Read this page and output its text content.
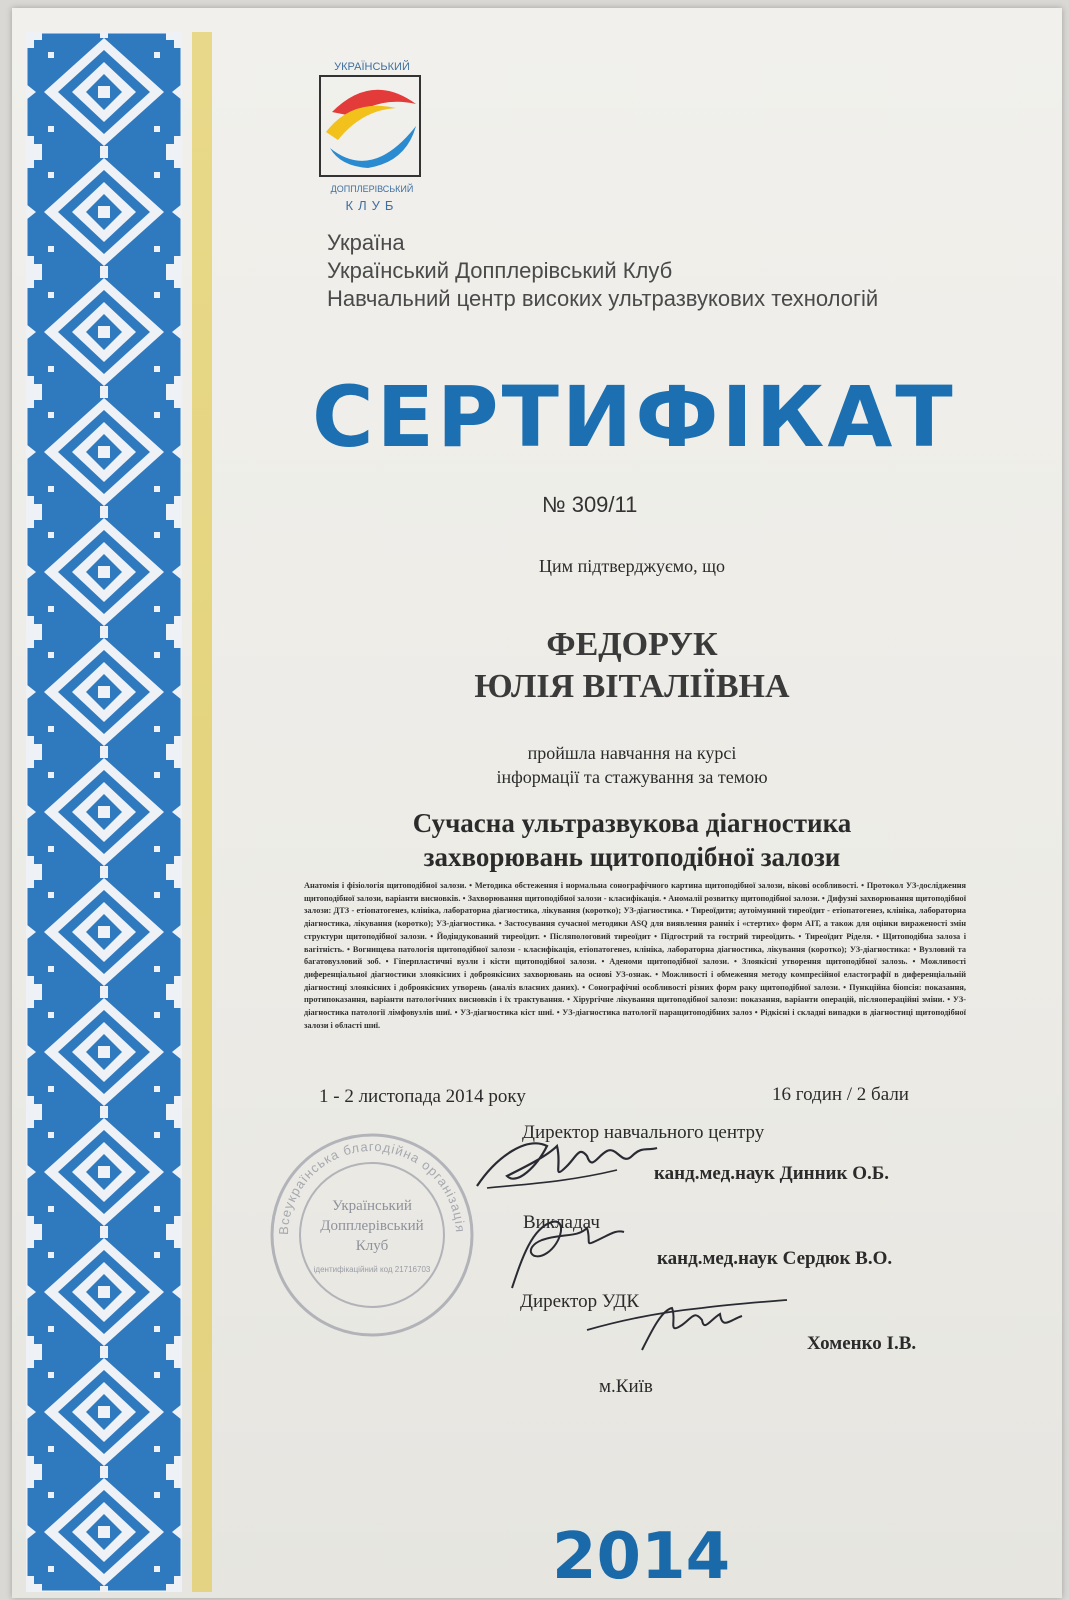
УКРАЇНСЬКИЙ
ДОППЛЕРІВСЬКИЙ
КЛУБ
Україна
Український Допплерівський Клуб
Навчальний центр високих ультразвукових технологій
СЕРТИФІКАТ
№ 309/11
Цим підтверджуємо, що
ФЕДОРУК
ЮЛІЯ ВІТАЛІЇВНА
пройшла навчання на курсі
інформації та стажування за темою
Сучасна ультразвукова діагностика
захворювань щитоподібної залози
Анатомія і фізіологія щитоподібної залози. • Методика обстеження і нормальна сонографічного картина щитоподібної залози, вікові особливості. • Протокол УЗ-дослідження щитоподібної залози, варіанти висновків. • Захворювання щитоподібної залози - класифікація. • Аномалії розвитку щитоподібної залози. • Дифузні захворювання щитоподібної залози: ДТЗ - етіопатогенез, клініка, лабораторна діагностика, лікування (коротко); УЗ-діагностика. • Тиреоїдити; аутоімунний тиреоїдит - етіопатогенез, клініка, лабораторна діагностика, лікування (коротко); УЗ-діагностика. • Застосування сучасної методики ASQ для виявлення ранніх і «стертих» форм АІТ, а також для оцінки вираженості змін структури щитоподібної залози. • Йодіндукований тиреоїдит. • Післяпологовий тиреоїдит • Підгострий та гострий тиреоїдить. • Тиреоїдит Ріделя. • Щитоподібна залоза і вагітність. • Вогнищева патологія щитоподібної залози - класифікація, етіопатогенез, клініка, лабораторна діагностика, лікування (коротко); УЗ-діагностика: • Вузловий та багатовузловий зоб. • Гіперпластичні вузли і кісти щитоподібної залози. • Аденоми щитоподібної залози. • Злоякісні утворення щитоподібної залозь. • Можливості диференціальної діагностики злоякісних і доброякісних захворювань на основі УЗ-ознак. • Можливості і обмеження методу компресійної еластографії в диференціальній діагностиці злоякісних і доброякісних утворень (аналіз власних даних). • Сонографічні особливості різних форм раку щитоподібної залози. • Пункційна біопсія: показання, протипоказання, варіанти патологічних висновків і їх трактування. • Хірургічне лікування щитоподібної залози: показання, варіанти операцій, післяопераційні зміни. • УЗ-діагностика патології лімфовузлів шиї. • УЗ-діагностика кіст шиї. • УЗ-діагностика патології паращитоподібних залоз • Рідкісні і складні випадки в діагностиці щитоподібної залози і області шиї.
1 - 2 листопада 2014 року	16 годин / 2 бали
Всеукраїнська благодійна організація
Український
Допплерівський
Клуб
ідентифікаційний код 21716703
Директор навчального центру
канд.мед.наук Динник О.Б.
Викладач
канд.мед.наук Сердюк В.О.
Директор УДК
Хоменко І.В.
м.Київ
2014
